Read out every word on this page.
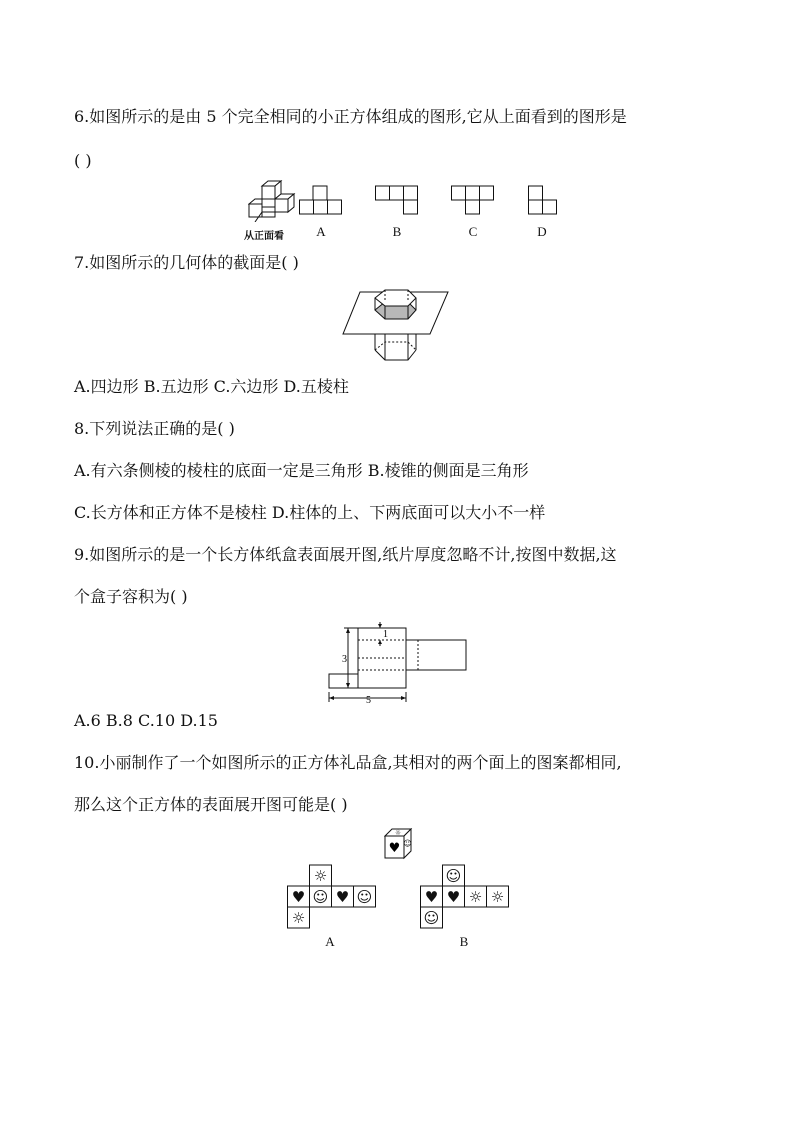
6.如图所示的是由 5 个完全相同的小正方体组成的图形,它从上面看到的图形是
( )
从正面看	A	B	C	D
7.如图所示的几何体的截面是( )
A.四边形 B.五边形 C.六边形 D.五棱柱
8.下列说法正确的是( )
A.有六条侧棱的棱柱的底面一定是三角形 B.棱锥的侧面是三角形
C.长方体和正方体不是棱柱 D.柱体的上、下两底面可以大小不一样
9.如图所示的是一个长方体纸盒表面展开图,纸片厚度忽略不计,按图中数据,这
个盒子容积为( )
3
1
5
A.6 B.8 C.10 D.15
10.小丽制作了一个如图所示的正方体礼品盒,其相对的两个面上的图案都相同,
那么这个正方体的表面展开图可能是( )
♥
☼
☺
☼
♥ ☺ ♥ ☺
☼
A
☺
♥ ♥ ☼ ☼
☺
B
